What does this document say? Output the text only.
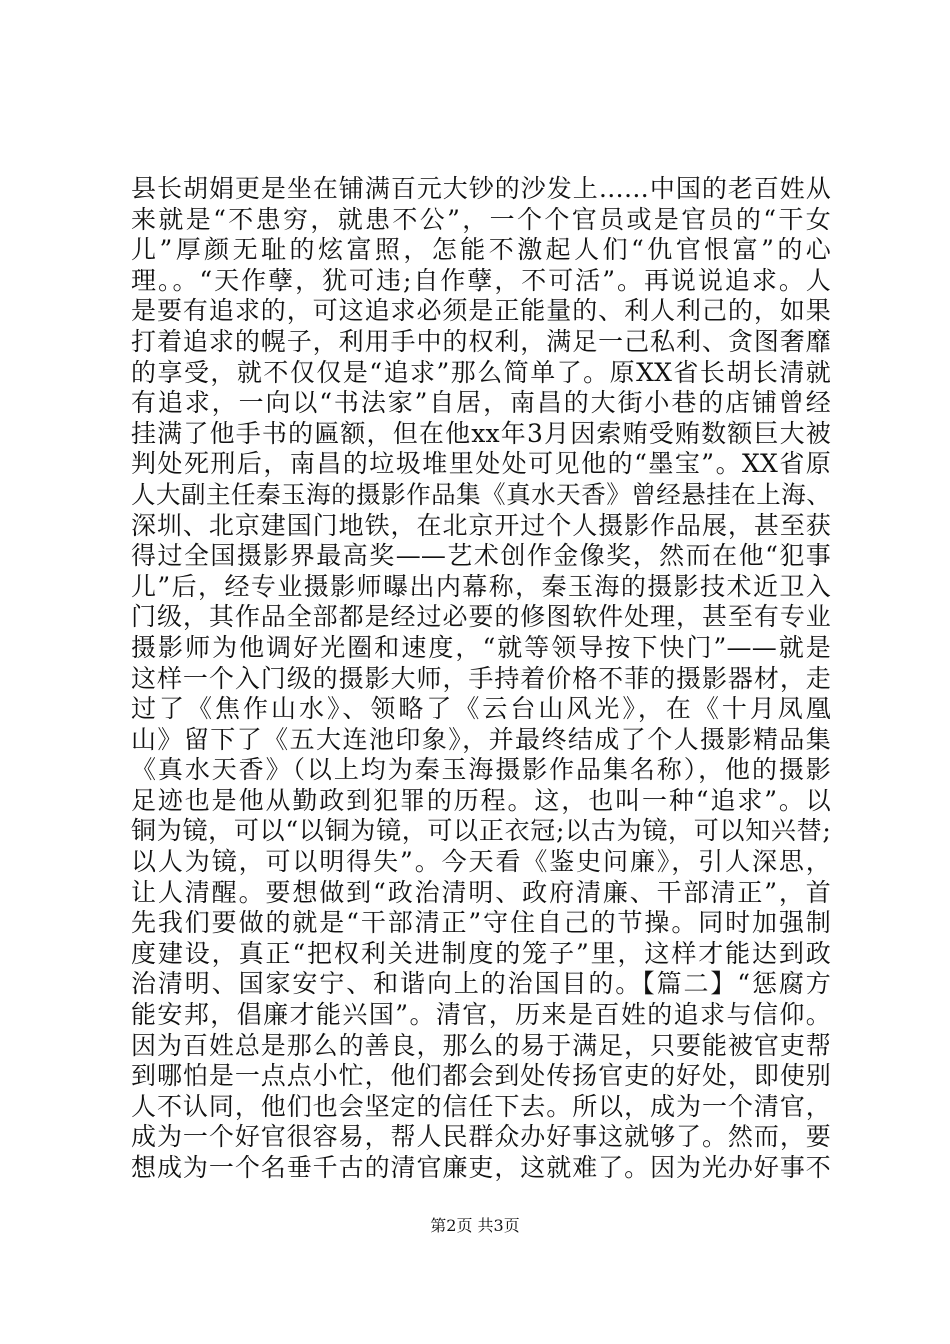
县长胡娟更是坐在铺满百元大钞的沙发上……中国的老百姓从
来就是“不患穷，就患不公”，一个个官员或是官员的“干女
儿”厚颜无耻的炫富照，怎能不激起人们“仇官恨富”的心
理。。“天作孽，犹可违;自作孽，不可活”。再说说追求。人
是要有追求的，可这追求必须是正能量的、利人利己的，如果
打着追求的幌子，利用手中的权利，满足一己私利、贪图奢靡
的享受，就不仅仅是“追求”那么简单了。原XX省长胡长清就
有追求，一向以“书法家”自居，南昌的大街小巷的店铺曾经
挂满了他手书的匾额，但在他xx年3月因索贿受贿数额巨大被
判处死刑后，南昌的垃圾堆里处处可见他的“墨宝”。XX省原
人大副主任秦玉海的摄影作品集《真水天香》曾经悬挂在上海、
深圳、北京建国门地铁，在北京开过个人摄影作品展，甚至获
得过全国摄影界最高奖——艺术创作金像奖，然而在他“犯事
儿”后，经专业摄影师曝出内幕称，秦玉海的摄影技术近卫入
门级，其作品全部都是经过必要的修图软件处理，甚至有专业
摄影师为他调好光圈和速度，“就等领导按下快门”——就是
这样一个入门级的摄影大师，手持着价格不菲的摄影器材，走
过了《焦作山水》、领略了《云台山风光》，在《十月凤凰
山》留下了《五大连池印象》，并最终结成了个人摄影精品集
《真水天香》（以上均为秦玉海摄影作品集名称），他的摄影
足迹也是他从勤政到犯罪的历程。这，也叫一种“追求”。以
铜为镜，可以“以铜为镜，可以正衣冠;以古为镜，可以知兴替;
以人为镜，可以明得失”。今天看《鉴史问廉》，引人深思，
让人清醒。要想做到“政治清明、政府清廉、干部清正”，首
先我们要做的就是“干部清正”守住自己的节操。同时加强制
度建设，真正“把权利关进制度的笼子”里，这样才能达到政
治清明、国家安宁、和谐向上的治国目的。【篇二】“惩腐方
能安邦，倡廉才能兴国”。清官，历来是百姓的追求与信仰。
因为百姓总是那么的善良，那么的易于满足，只要能被官吏帮
到哪怕是一点点小忙，他们都会到处传扬官吏的好处，即使别
人不认同，他们也会坚定的信任下去。所以，成为一个清官，
成为一个好官很容易，帮人民群众办好事这就够了。然而，要
想成为一个名垂千古的清官廉吏，这就难了。因为光办好事不
第2页 共3页
